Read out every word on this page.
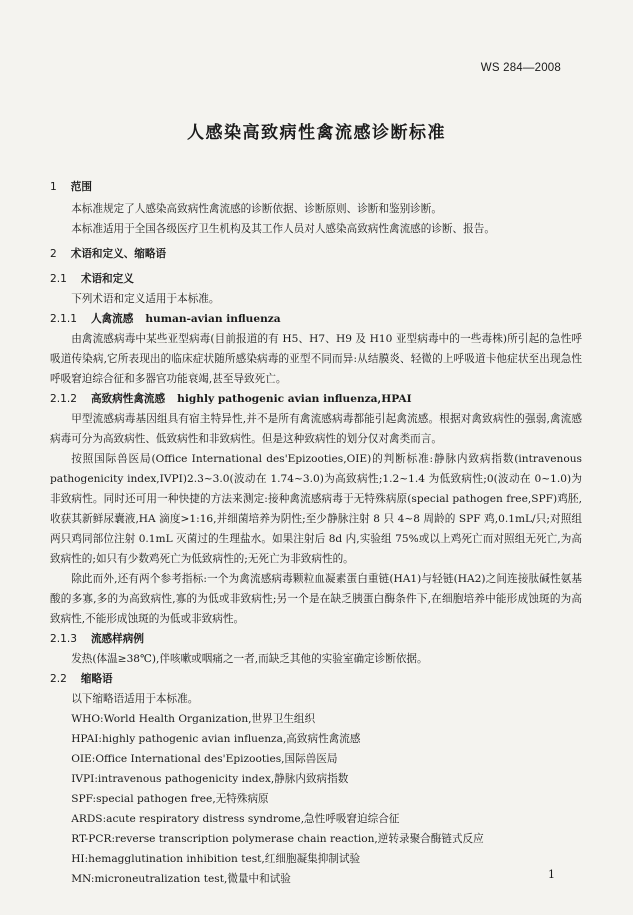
WS 284—2008
人感染高致病性禽流感诊断标准
1 范围

本标准规定了人感染高致病性禽流感的诊断依据、诊断原则、诊断和鉴别诊断。

本标准适用于全国各级医疗卫生机构及其工作人员对人感染高致病性禽流感的诊断、报告。

2 术语和定义、缩略语
2.1 术语和定义

下列术语和定义适用于本标准。

2.1.1 人禽流感 human-avian influenza

由禽流感病毒中某些亚型病毒(目前报道的有 H5、H7、H9 及 H10 亚型病毒中的一些毒株)所引起的急性呼吸道传染病,它所表现出的临床症状随所感染病毒的亚型不同而异:从结膜炎、轻微的上呼吸道卡他症状至出现急性呼吸窘迫综合征和多器官功能衰竭,甚至导致死亡。

2.1.2 高致病性禽流感 highly pathogenic avian influenza,HPAI

甲型流感病毒基因组具有宿主特异性,并不是所有禽流感病毒都能引起禽流感。根据对禽致病性的强弱,禽流感病毒可分为高致病性、低致病性和非致病性。但是这种致病性的划分仅对禽类而言。

按照国际兽医局(Office International des'Epizooties,OIE)的判断标准:静脉内致病指数(intravenous pathogenicity index,IVPI)2.3~3.0(波动在 1.74~3.0)为高致病性;1.2~1.4 为低致病性;0(波动在 0~1.0)为非致病性。同时还可用一种快捷的方法来测定:接种禽流感病毒于无特殊病原(special pathogen free,SPF)鸡胚,收获其新鲜尿囊液,HA 滴度>1:16,并细菌培养为阴性;至少静脉注射 8 只 4~8 周龄的 SPF 鸡,0.1mL/只;对照组两只鸡同部位注射 0.1mL 灭菌过的生理盐水。如果注射后 8d 内,实验组 75%或以上鸡死亡而对照组无死亡,为高致病性的;如只有少数鸡死亡为低致病性的;无死亡为非致病性的。

除此而外,还有两个参考指标:一个为禽流感病毒颗粒血凝素蛋白重链(HA1)与轻链(HA2)之间连接肽碱性氨基酸的多寡,多的为高致病性,寡的为低或非致病性;另一个是在缺乏胰蛋白酶条件下,在细胞培养中能形成蚀斑的为高致病性,不能形成蚀斑的为低或非致病性。

2.1.3 流感样病例

发热(体温≥38℃),伴咳嗽或咽痛之一者,而缺乏其他的实验室确定诊断依据。

2.2 缩略语

以下缩略语适用于本标准。

WHO:World Health Organization,世界卫生组织

HPAI:highly pathogenic avian influenza,高致病性禽流感

OIE:Office International des'Epizooties,国际兽医局

IVPI:intravenous pathogenicity index,静脉内致病指数

SPF:special pathogen free,无特殊病原

ARDS:acute respiratory distress syndrome,急性呼吸窘迫综合征

RT-PCR:reverse transcription polymerase chain reaction,逆转录聚合酶链式反应

HI:hemagglutination inhibition test,红细胞凝集抑制试验

MN:microneutralization test,微量中和试验	1
